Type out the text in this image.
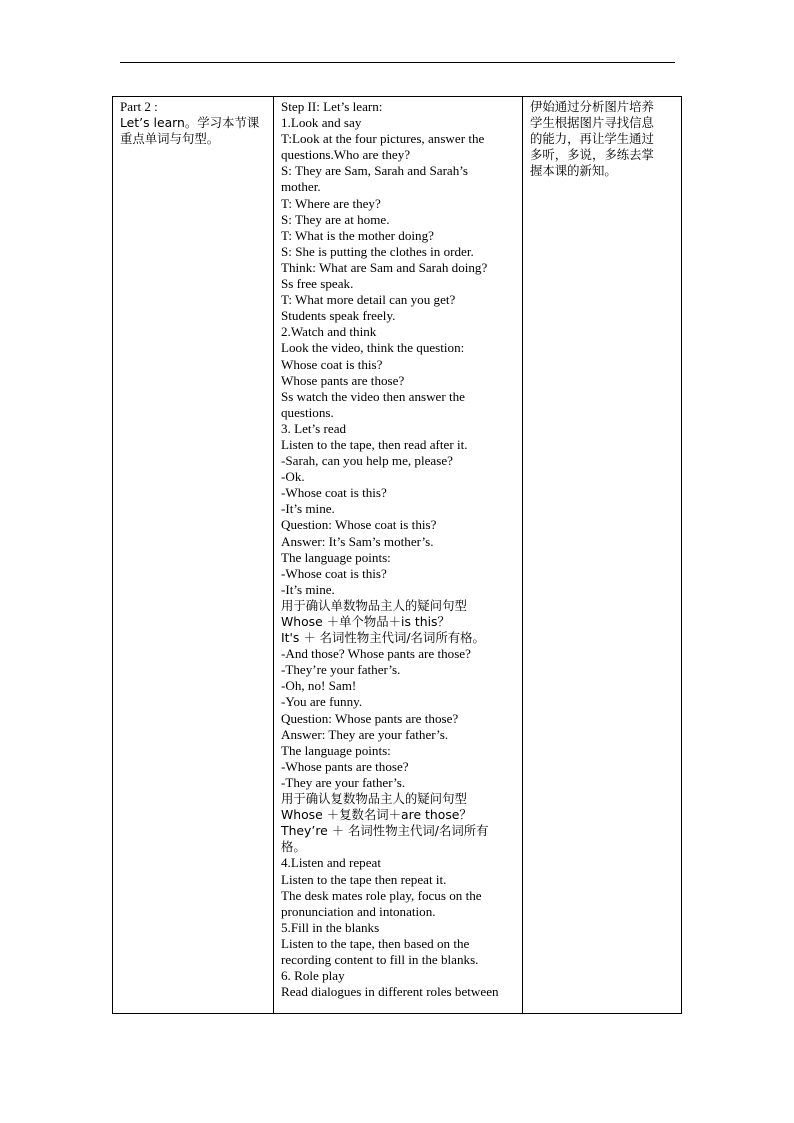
Part 2 :
Let’s learn。学习本节课
重点单词与句型。

Step II: Let’s learn:
1.Look and say
T:Look at the four pictures, answer the
questions.Who are they?
S: They are Sam, Sarah and Sarah’s
mother.
T: Where are they?
S: They are at home.
T: What is the mother doing?
S: She is putting the clothes in order.
Think: What are Sam and Sarah doing?
Ss free speak.
T: What more detail can you get?
Students speak freely.
2.Watch and think
Look the video, think the question:
Whose coat is this?
Whose pants are those?
Ss watch the video then answer the
questions.
3. Let’s read
Listen to the tape, then read after it.
-Sarah, can you help me, please?
-Ok.
-Whose coat is this?
-It’s mine.
Question: Whose coat is this?
Answer: It’s Sam’s mother’s.
The language points:
-Whose coat is this?
-It’s mine.
用于确认单数物品主人的疑问句型
Whose ＋单个物品＋is this？
It's ＋ 名词性物主代词/名词所有格。
-And those? Whose pants are those?
-They’re your father’s.
-Oh, no! Sam!
-You are funny.
Question: Whose pants are those?
Answer: They are your father’s.
The language points:
-Whose pants are those?
-They are your father’s.
用于确认复数物品主人的疑问句型
Whose ＋复数名词＋are those？
They’re ＋ 名词性物主代词/名词所有
格。
4.Listen and repeat
Listen to the tape then repeat it.
The desk mates role play, focus on the
pronunciation and intonation.
5.Fill in the blanks
Listen to the tape, then based on the
recording content to fill in the blanks.
6. Role play
Read dialogues in different roles between

伊始通过分析图片培养
学生根据图片寻找信息
的能力，再让学生通过
多听，多说，多练去掌
握本课的新知。
